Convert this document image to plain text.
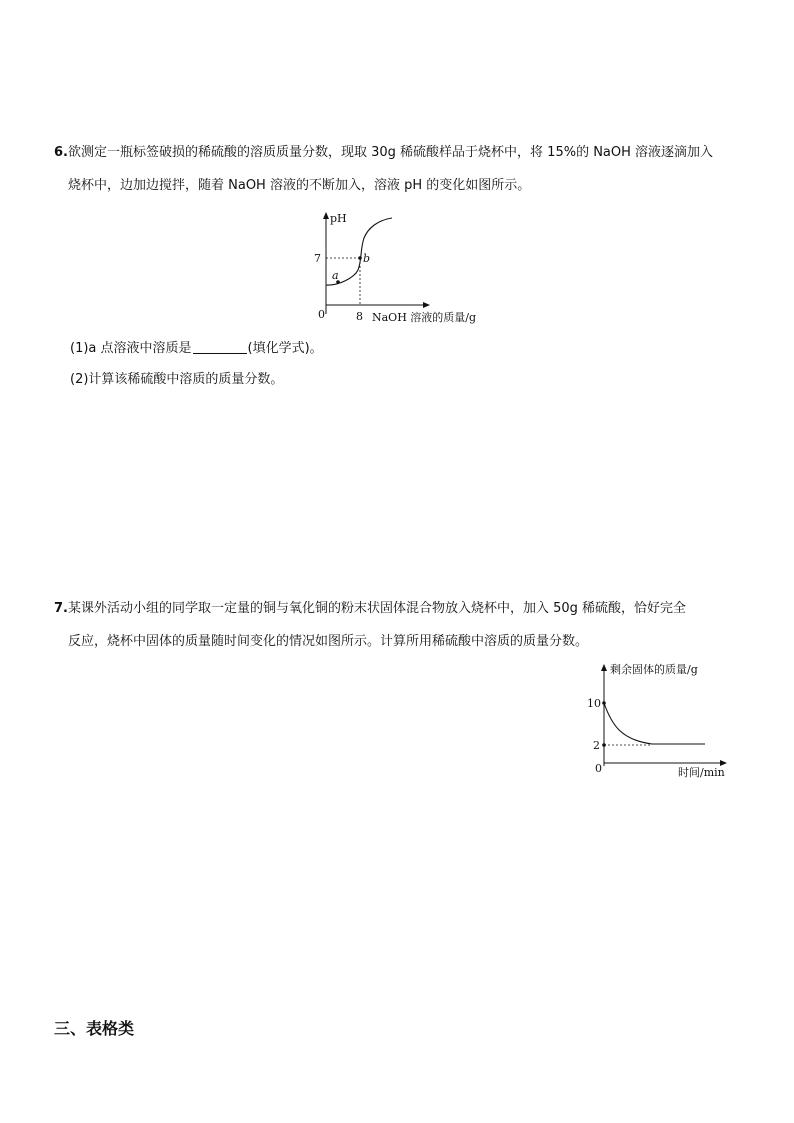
6.欲测定一瓶标签破损的稀硫酸的溶质质量分数，现取 30g 稀硫酸样品于烧杯中，将 15%的 NaOH 溶液逐滴加入
烧杯中，边加边搅拌，随着 NaOH 溶液的不断加入，溶液 pH 的变化如图所示。
pH
7
a
b
0	8 NaOH 溶液的质量/g
(1)a 点溶液中溶质是	(填化学式)。
(2)计算该稀硫酸中溶质的质量分数。
7.某课外活动小组的同学取一定量的铜与氧化铜的粉末状固体混合物放入烧杯中，加入 50g 稀硫酸，恰好完全
反应，烧杯中固体的质量随时间变化的情况如图所示。计算所用稀硫酸中溶质的质量分数。
剩余固体的质量/g
10
2
0	时间/min
三、表格类
